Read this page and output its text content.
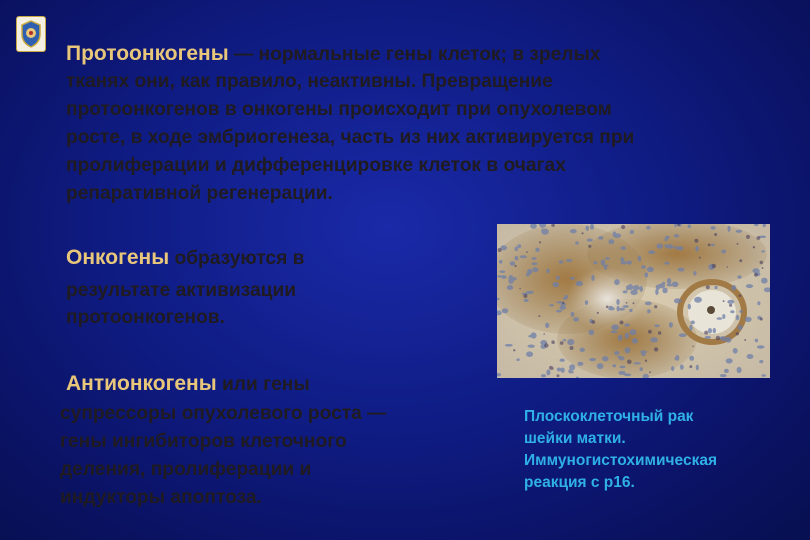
Протоонкогены — нормальные гены клеток; в зрелых
тканях они, как правило, неактивны. Превращение
протоонкогенов в онкогены происходит при опухолевом
росте, в ходе эмбриогенеза, часть из них активируется при
пролиферации и дифференцировке клеток в очагах
репаративной регенерации.
Онкогены образуются в
результате активизации
протоонкогенов.
Антионкогены или гены
супрессоры опухолевого роста —
гены ингибиторов клеточного
деления, пролиферации и
индукторы апоптоза.
Плоскоклеточный рак
шейки матки.
Иммуногистохимическая
реакция с p16.
